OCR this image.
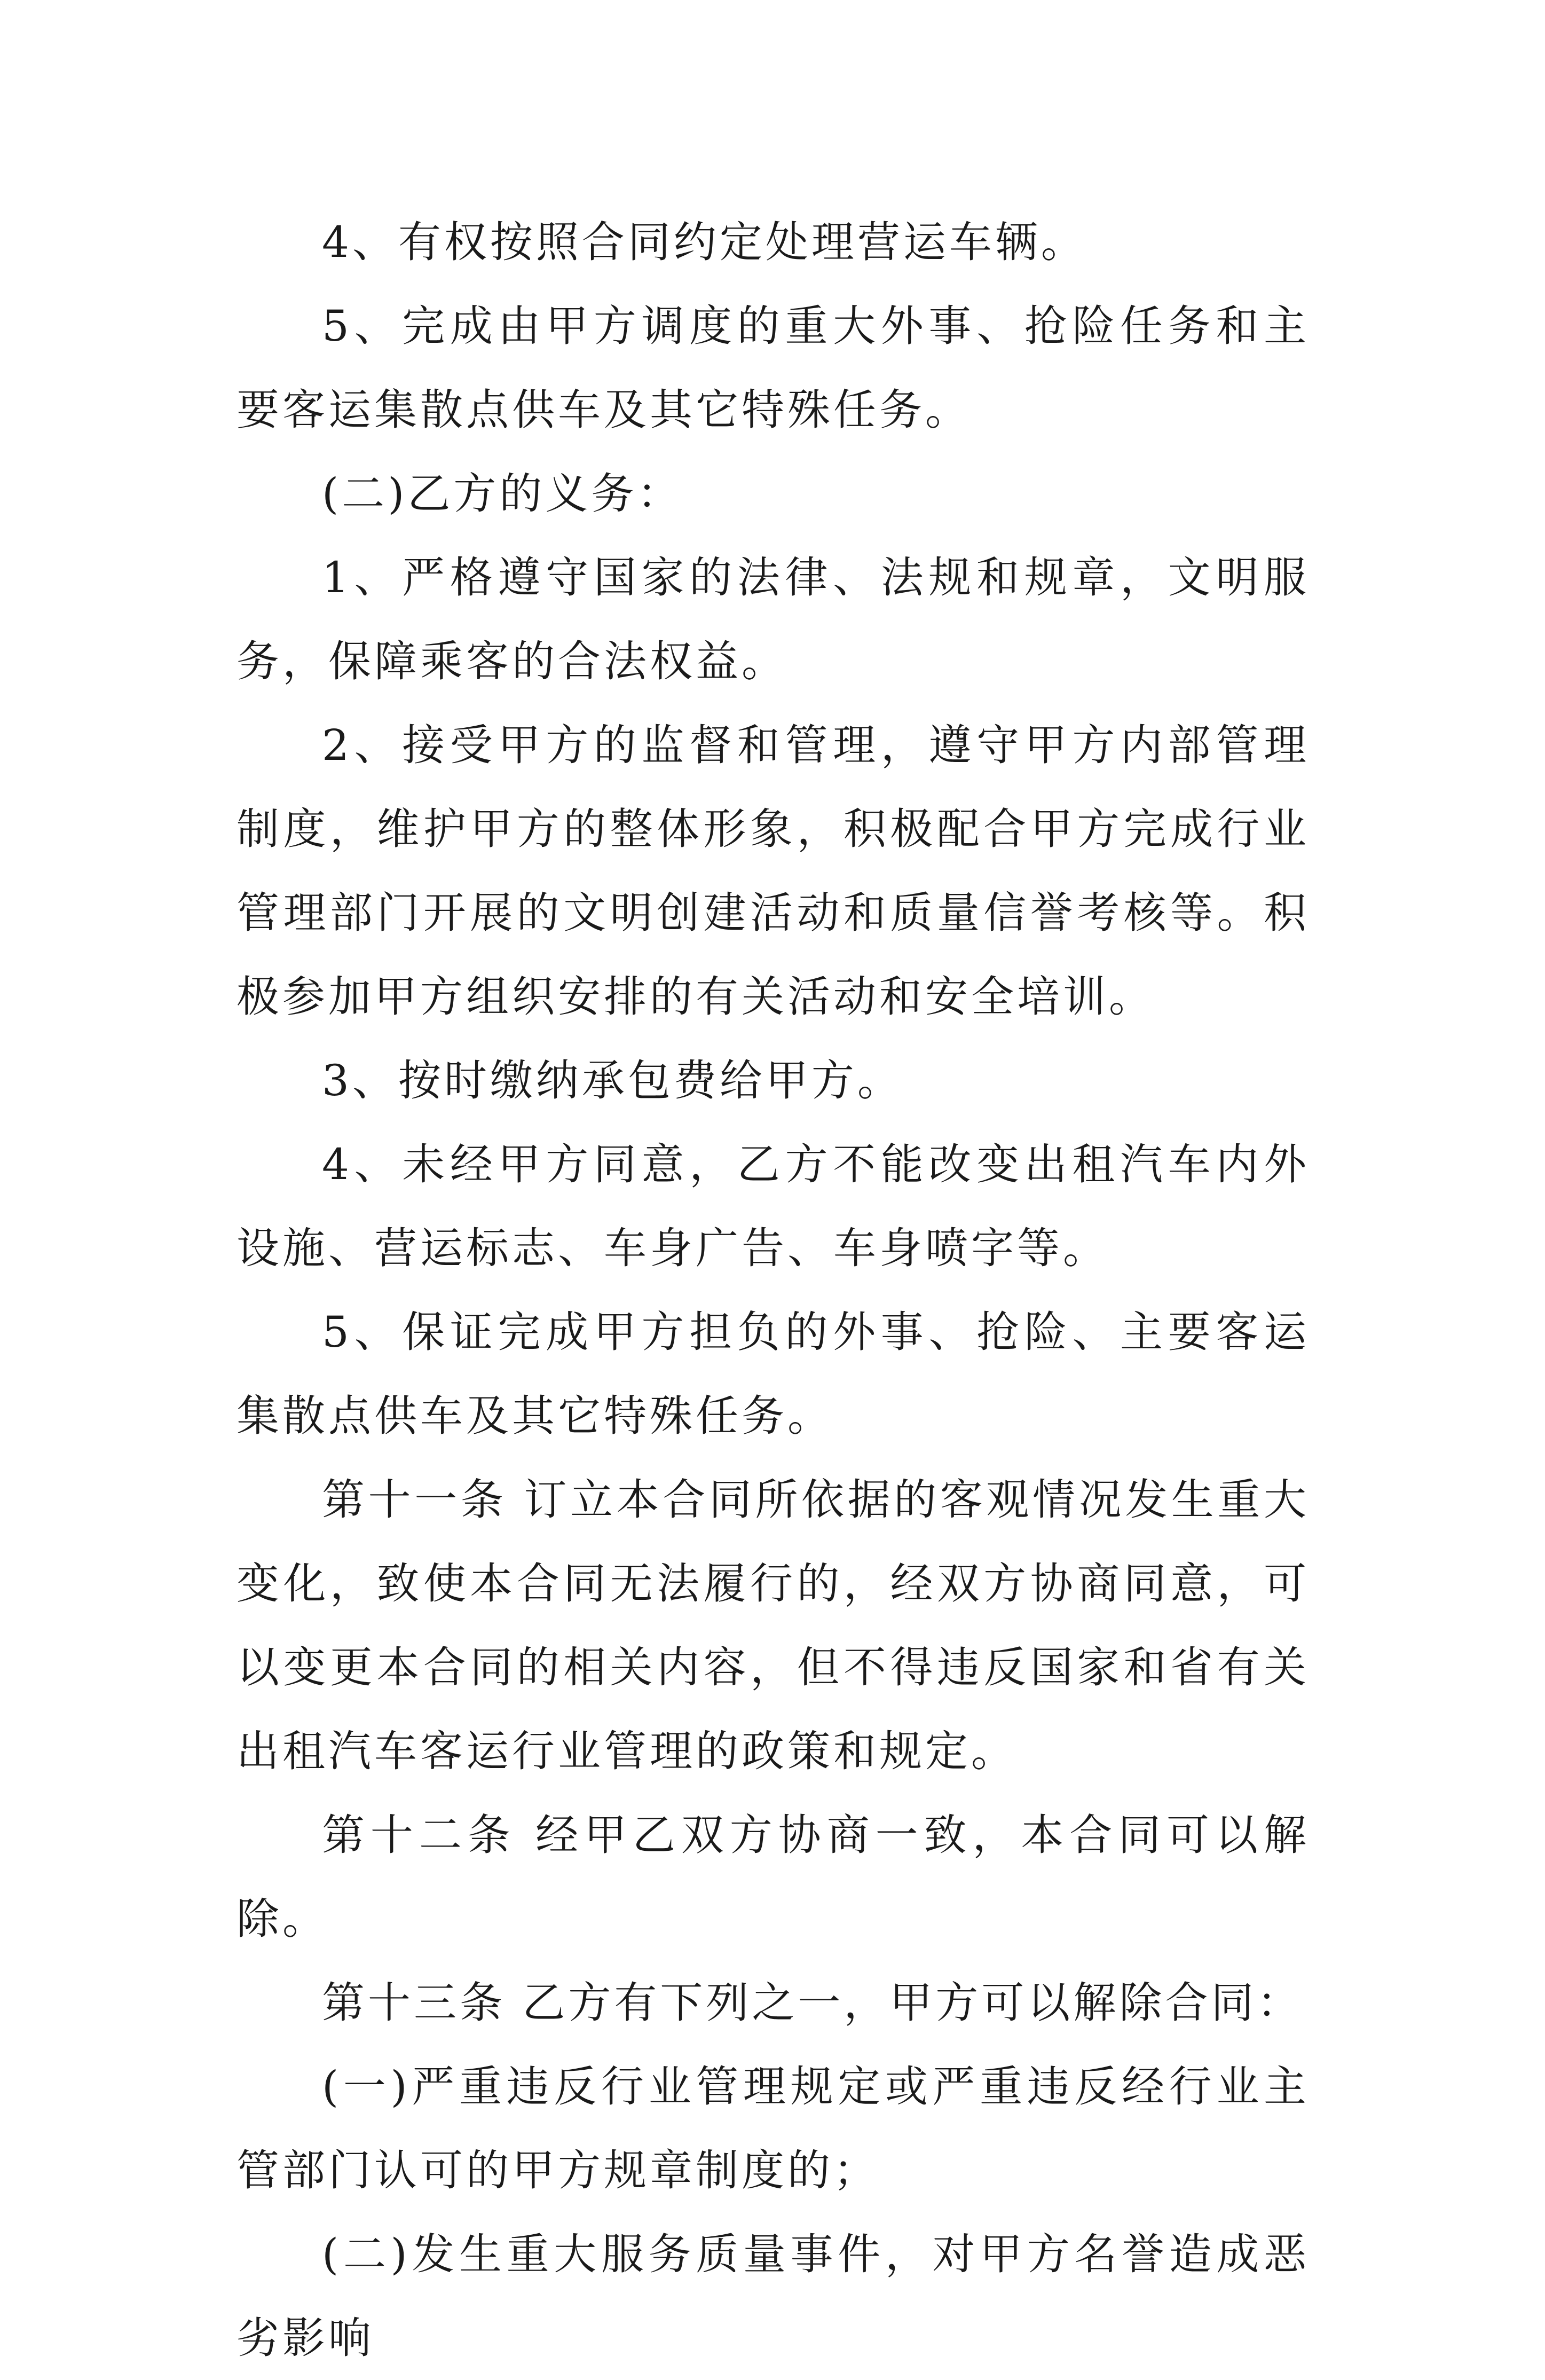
4、有权按照合同约定处理营运车辆。

5、完成由甲方调度的重大外事、抢险任务和主要客运集散点供车及其它特殊任务。

(二)乙方的义务：

1、严格遵守国家的法律、法规和规章，文明服务，保障乘客的合法权益。

2、接受甲方的监督和管理，遵守甲方内部管理制度，维护甲方的整体形象，积极配合甲方完成行业管理部门开展的文明创建活动和质量信誉考核等。积极参加甲方组织安排的有关活动和安全培训。

3、按时缴纳承包费给甲方。

4、未经甲方同意，乙方不能改变出租汽车内外设施、营运标志、车身广告、车身喷字等。

5、保证完成甲方担负的外事、抢险、主要客运集散点供车及其它特殊任务。

第十一条 订立本合同所依据的客观情况发生重大变化，致使本合同无法履行的，经双方协商同意，可以变更本合同的相关内容，但不得违反国家和省有关出租汽车客运行业管理的政策和规定。

第十二条 经甲乙双方协商一致，本合同可以解除。

第十三条 乙方有下列之一，甲方可以解除合同：

(一)严重违反行业管理规定或严重违反经行业主管部门认可的甲方规章制度的；

(二)发生重大服务质量事件，对甲方名誉造成恶劣影响
